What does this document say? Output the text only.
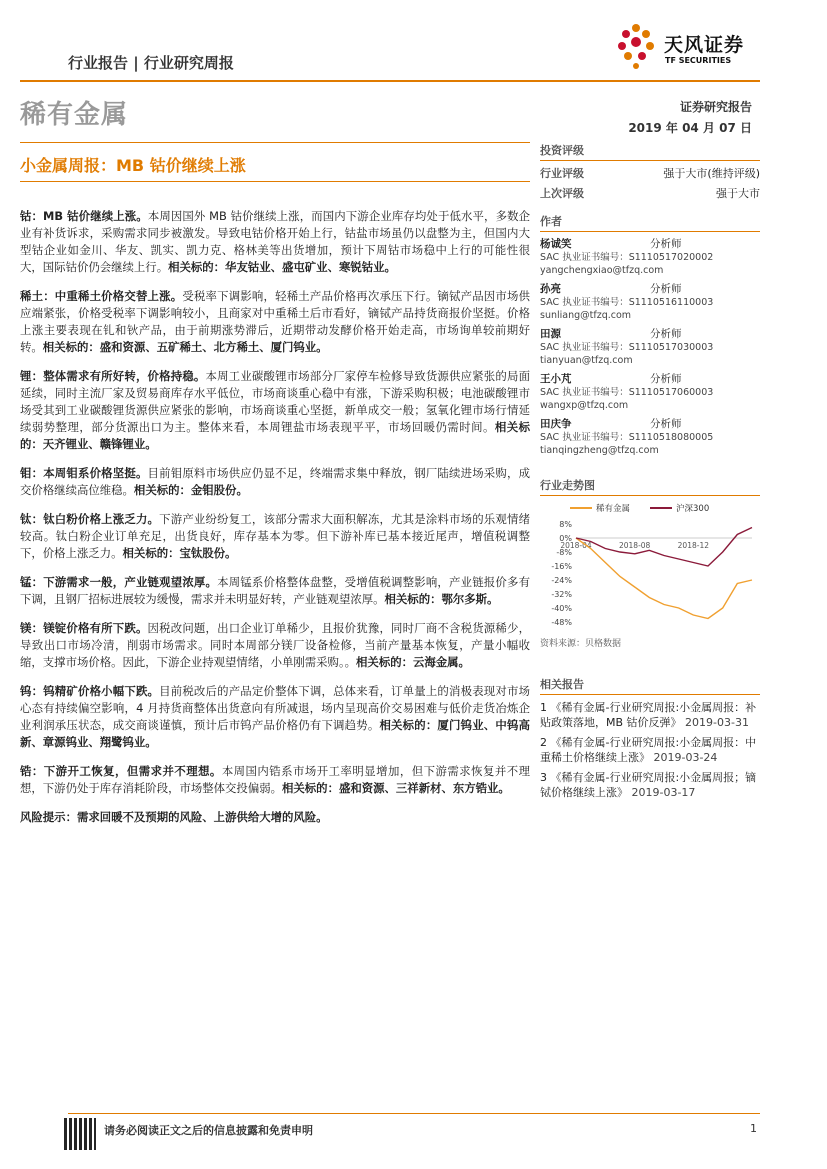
行业报告 | 行业研究周报
天风证券
TF SECURITIES
稀有金属	证券研究报告
2019 年 04 月 07 日
小金属周报：MB 钴价继续上涨

钴：MB 钴价继续上涨。本周因国外 MB 钴价继续上涨，而国内下游企业库存均处于低水平，多数企业有补货诉求，采购需求同步被激发。导致电钴价格开始上行，钴盐市场虽仍以盘整为主，但国内大型钴企业如金川、华友、凯实、凯力克、格林美等出货增加，预计下周钴市场稳中上行的可能性很大，国际钴价仍会继续上行。相关标的：华友钴业、盛屯矿业、寒锐钴业。

稀土：中重稀土价格交替上涨。受税率下调影响，轻稀土产品价格再次承压下行。镝铽产品因市场供应端紧张，价格受税率下调影响较小，且商家对中重稀土后市看好，镝铽产品持货商报价坚挺。价格上涨主要表现在钆和钬产品，由于前期涨势滞后，近期带动发酵价格开始走高，市场询单较前期好转。相关标的：盛和资源、五矿稀土、北方稀土、厦门钨业。

锂：整体需求有所好转，价格持稳。本周工业碳酸锂市场部分厂家停车检修导致货源供应紧张的局面延续，同时主流厂家及贸易商库存水平低位，市场商谈重心稳中有涨，下游采购积极；电池碳酸锂市场受其到工业碳酸锂货源供应紧张的影响，市场商谈重心坚挺，新单成交一般；氢氧化锂市场行情延续弱势整理，部分货源出口为主。整体来看，本周锂盐市场表现平平，市场回暖仍需时间。相关标的：天齐锂业、赣锋锂业。

钼：本周钼系价格坚挺。目前钼原料市场供应仍显不足，终端需求集中释放，钢厂陆续进场采购，成交价格继续高位维稳。相关标的：金钼股份。

钛：钛白粉价格上涨乏力。下游产业纷纷复工，该部分需求大面积解冻，尤其是涂料市场的乐观情绪较高。钛白粉企业订单充足，出货良好，库存基本为零。但下游补库已基本接近尾声，增值税调整下，价格上涨乏力。相关标的：宝钛股份。

锰：下游需求一般，产业链观望浓厚。本周锰系价格整体盘整，受增值税调整影响，产业链报价多有下调，且钢厂招标进展较为缓慢，需求并未明显好转，产业链观望浓厚。相关标的：鄂尔多斯。

镁：镁锭价格有所下跌。因税改问题，出口企业订单稀少，且报价犹豫，同时厂商不含税货源稀少，导致出口市场冷清，削弱市场需求。同时本周部分镁厂设备检修，当前产量基本恢复，产量小幅收缩，支撑市场价格。因此，下游企业持观望情绪，小单刚需采购。。相关标的：云海金属。

钨：钨精矿价格小幅下跌。目前税改后的产品定价整体下调，总体来看，订单量上的消极表现对市场心态有持续偏空影响，4 月持货商整体出货意向有所减退，场内呈现高价交易困难与低价走货冶炼企业利润承压状态，成交商谈谨慎，预计后市钨产品价格仍有下调趋势。相关标的：厦门钨业、中钨高新、章源钨业、翔鹭钨业。

锆：下游开工恢复，但需求并不理想。本周国内锆系市场开工率明显增加，但下游需求恢复并不理想，下游仍处于库存消耗阶段，市场整体交投偏弱。相关标的：盛和资源、三祥新材、东方锆业。

风险提示：需求回暖不及预期的风险、上游供给大增的风险。

投资评级
行业评级	强于大市(维持评级)
上次评级	强于大市
作者
杨诚笑	分析师
SAC 执业证书编号：S1110517020002
yangchengxiao@tfzq.com
孙亮	分析师
SAC 执业证书编号：S1110516110003
sunliang@tfzq.com
田源	分析师
SAC 执业证书编号：S1110517030003
tianyuan@tfzq.com
王小芃	分析师
SAC 执业证书编号：S1110517060003
wangxp@tfzq.com
田庆争	分析师
SAC 执业证书编号：S1110518080005
tianqingzheng@tfzq.com
行业走势图
稀有金属	沪深300
8%
0%
-8%
-16%
-24%
-32%
-40%
-48%
2018-04	2018-08	2018-12
资料来源：贝格数据
相关报告
1 《稀有金属-行业研究周报:小金属周报：补贴政策落地，MB 钴价反弹》 2019-03-31
2 《稀有金属-行业研究周报:小金属周报：中重稀土价格继续上涨》 2019-03-24
3 《稀有金属-行业研究周报:小金属周报；镝铽价格继续上涨》 2019-03-17
请务必阅读正文之后的信息披露和免责申明	1
